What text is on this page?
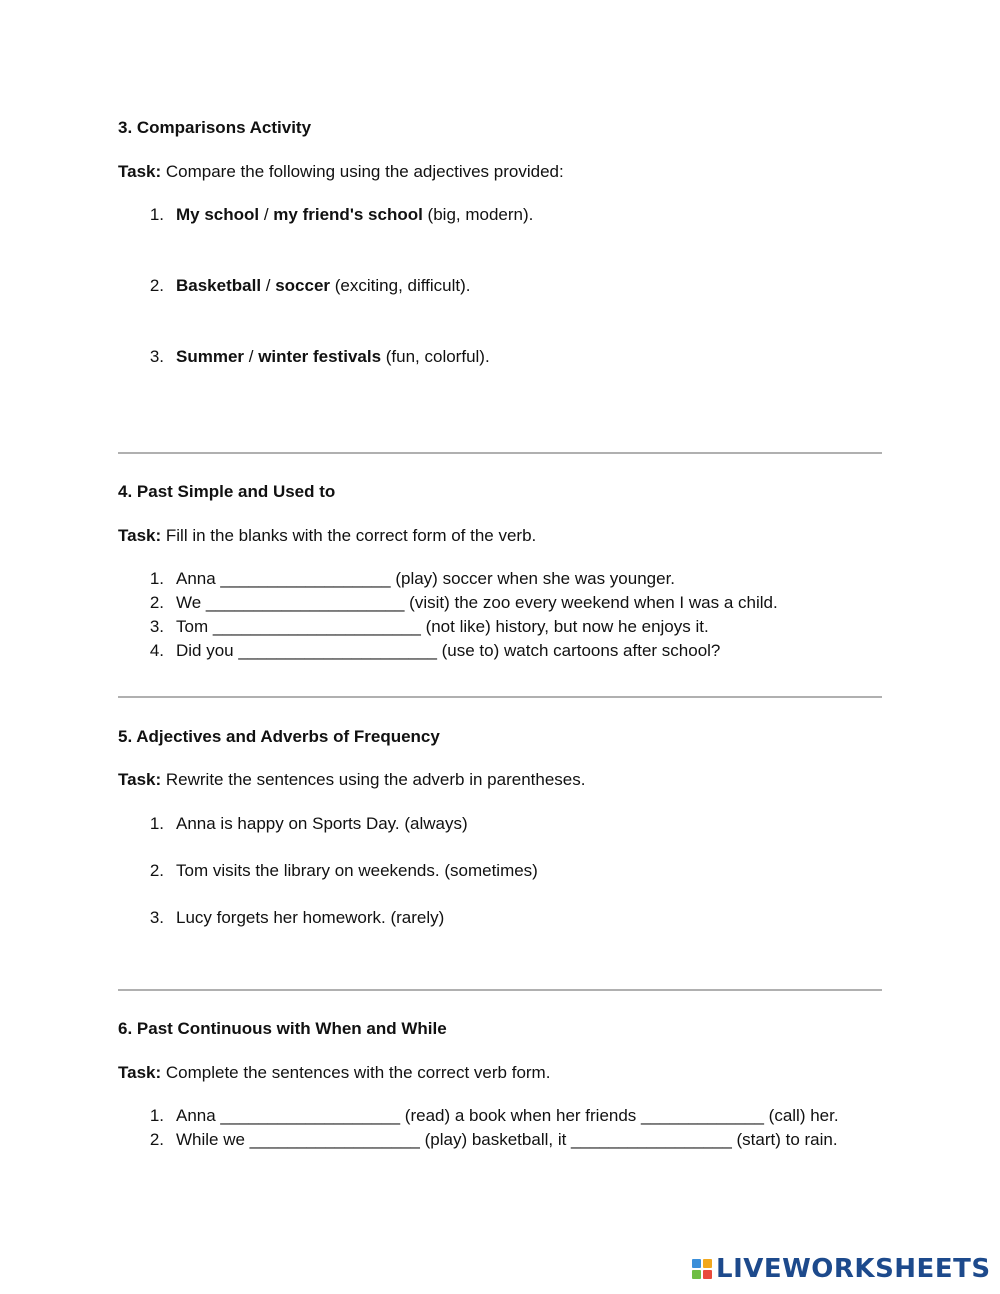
3. Comparisons Activity
Task: Compare the following using the adjectives provided:
1. My school / my friend's school (big, modern).
2. Basketball / soccer (exciting, difficult).
3. Summer / winter festivals (fun, colorful).
4. Past Simple and Used to
Task: Fill in the blanks with the correct form of the verb.
1. Anna __________________ (play) soccer when she was younger.
2. We _____________________ (visit) the zoo every weekend when I was a child.
3. Tom ______________________ (not like) history, but now he enjoys it.
4. Did you _____________________ (use to) watch cartoons after school?
5. Adjectives and Adverbs of Frequency
Task: Rewrite the sentences using the adverb in parentheses.
1. Anna is happy on Sports Day. (always)
2. Tom visits the library on weekends. (sometimes)
3. Lucy forgets her homework. (rarely)
6. Past Continuous with When and While
Task: Complete the sentences with the correct verb form.
1. Anna ___________________ (read) a book when her friends _____________ (call) her.
2. While we __________________ (play) basketball, it _________________ (start) to rain.
LIVEWORKSHEETS
